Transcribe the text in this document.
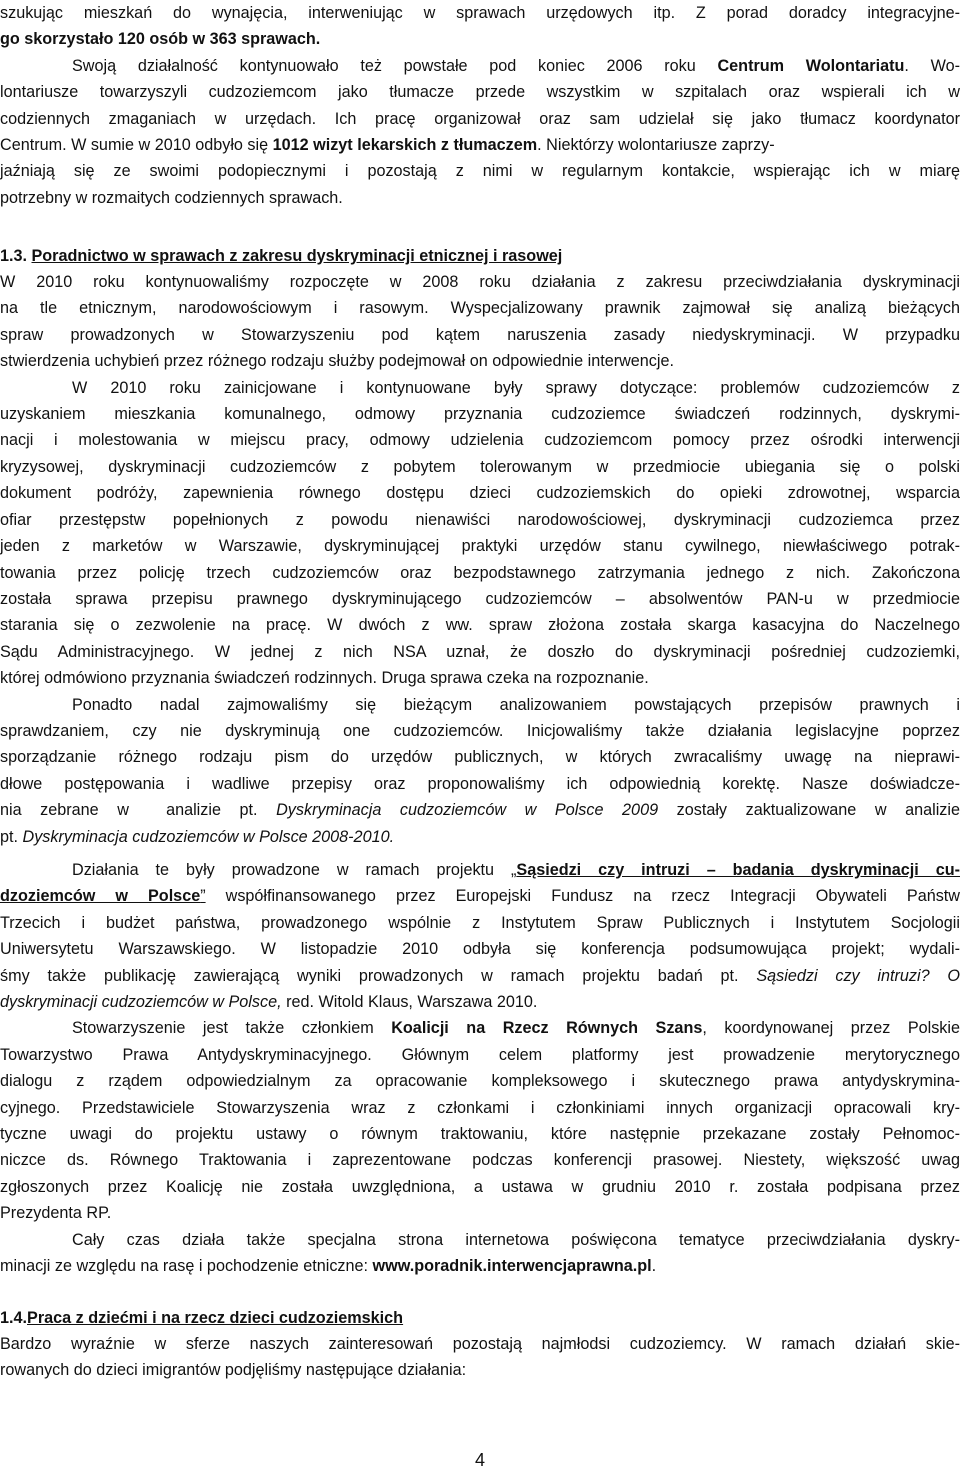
szukując mieszkań do wynajęcia, interweniując w sprawach urzędowych itp. Z porad doradcy integracyjne-
go skorzystało 120 osób w 363 sprawach.
Swoją działalność kontynuowało też powstałe pod koniec 2006 roku Centrum Wolontariatu. Wo-
lontariusze towarzyszyli cudzoziemcom jako tłumacze przede wszystkim w szpitalach oraz wspierali ich w
codziennych zmaganiach w urzędach. Ich pracę organizował oraz sam udzielał się jako tłumacz koordynator
Centrum. W sumie w 2010 odbyło się 1012 wizyt lekarskich z tłumaczem. Niektórzy wolontariusze zaprzy-
jaźniają się ze swoimi podopiecznymi i pozostają z nimi w regularnym kontakcie, wspierając ich w miarę
potrzebny w rozmaitych codziennych sprawach.
1.3. Poradnictwo w sprawach z zakresu dyskryminacji etnicznej i rasowej
W 2010 roku kontynuowaliśmy rozpoczęte w 2008 roku działania z zakresu przeciwdziałania dyskryminacji
na tle etnicznym, narodowościowym i rasowym. Wyspecjalizowany prawnik zajmował się analizą bieżących
spraw prowadzonych w Stowarzyszeniu pod kątem naruszenia zasady niedyskryminacji. W przypadku
stwierdzenia uchybień przez różnego rodzaju służby podejmował on odpowiednie interwencje.
W 2010 roku zainicjowane i kontynuowane były sprawy dotyczące: problemów cudzoziemców z
uzyskaniem mieszkania komunalnego, odmowy przyznania cudzoziemce świadczeń rodzinnych, dyskrymi-
nacji i molestowania w miejscu pracy, odmowy udzielenia cudzoziemcom pomocy przez ośrodki interwencji
kryzysowej, dyskryminacji cudzoziemców z pobytem tolerowanym w przedmiocie ubiegania się o polski
dokument podróży, zapewnienia równego dostępu dzieci cudzoziemskich do opieki zdrowotnej, wsparcia
ofiar przestępstw popełnionych z powodu nienawiści narodowościowej, dyskryminacji cudzoziemca przez
jeden z marketów w Warszawie, dyskryminującej praktyki urzędów stanu cywilnego, niewłaściwego potrak-
towania przez policję trzech cudzoziemców oraz bezpodstawnego zatrzymania jednego z nich. Zakończona
została sprawa przepisu prawnego dyskryminującego cudzoziemców – absolwentów PAN-u w przedmiocie
starania się o zezwolenie na pracę. W dwóch z ww. spraw złożona została skarga kasacyjna do Naczelnego
Sądu Administracyjnego. W jednej z nich NSA uznał, że doszło do dyskryminacji pośredniej cudzoziemki,
której odmówiono przyznania świadczeń rodzinnych. Druga sprawa czeka na rozpoznanie.
Ponadto nadal zajmowaliśmy się bieżącym analizowaniem powstających przepisów prawnych i
sprawdzaniem, czy nie dyskryminują one cudzoziemców. Inicjowaliśmy także działania legislacyjne poprzez
sporządzanie różnego rodzaju pism do urzędów publicznych, w których zwracaliśmy uwagę na nieprawi-
dłowe postępowania i wadliwe przepisy oraz proponowaliśmy ich odpowiednią korektę. Nasze doświadcze-
nia zebrane w  analizie pt. Dyskryminacja cudzoziemców w Polsce 2009 zostały zaktualizowane w analizie
pt. Dyskryminacja cudzoziemców w Polsce 2008-2010.
Działania te były prowadzone w ramach projektu „Sąsiedzi czy intruzi – badania dyskryminacji cu-
dzoziemców w Polsce” współfinansowanego przez Europejski Fundusz na rzecz Integracji Obywateli Państw
Trzecich i budżet państwa, prowadzonego wspólnie z Instytutem Spraw Publicznych i Instytutem Socjologii
Uniwersytetu Warszawskiego. W listopadzie 2010 odbyła się konferencja podsumowująca projekt; wydali-
śmy także publikację zawierającą wyniki prowadzonych w ramach projektu badań pt. Sąsiedzi czy intruzi? O
dyskryminacji cudzoziemców w Polsce, red. Witold Klaus, Warszawa 2010.
Stowarzyszenie jest także członkiem Koalicji na Rzecz Równych Szans, koordynowanej przez Polskie
Towarzystwo Prawa Antydyskryminacyjnego. Głównym celem platformy jest prowadzenie merytorycznego
dialogu z rządem odpowiedzialnym za opracowanie kompleksowego i skutecznego prawa antydyskrymina-
cyjnego. Przedstawiciele Stowarzyszenia wraz z członkami i członkiniami innych organizacji opracowali kry-
tyczne uwagi do projektu ustawy o równym traktowaniu, które następnie przekazane zostały Pełnomoc-
niczce ds. Równego Traktowania i zaprezentowane podczas konferencji prasowej. Niestety, większość uwag
zgłoszonych przez Koalicję nie została uwzględniona, a ustawa w grudniu 2010 r. została podpisana przez
Prezydenta RP.
Cały czas działa także specjalna strona internetowa poświęcona tematyce przeciwdziałania dyskry-
minacji ze względu na rasę i pochodzenie etniczne: www.poradnik.interwencjaprawna.pl.
1.4.Praca z dziećmi i na rzecz dzieci cudzoziemskich
Bardzo wyraźnie w sferze naszych zainteresowań pozostają najmłodsi cudzoziemcy. W ramach działań skie-
rowanych do dzieci imigrantów podjęliśmy następujące działania:
4
